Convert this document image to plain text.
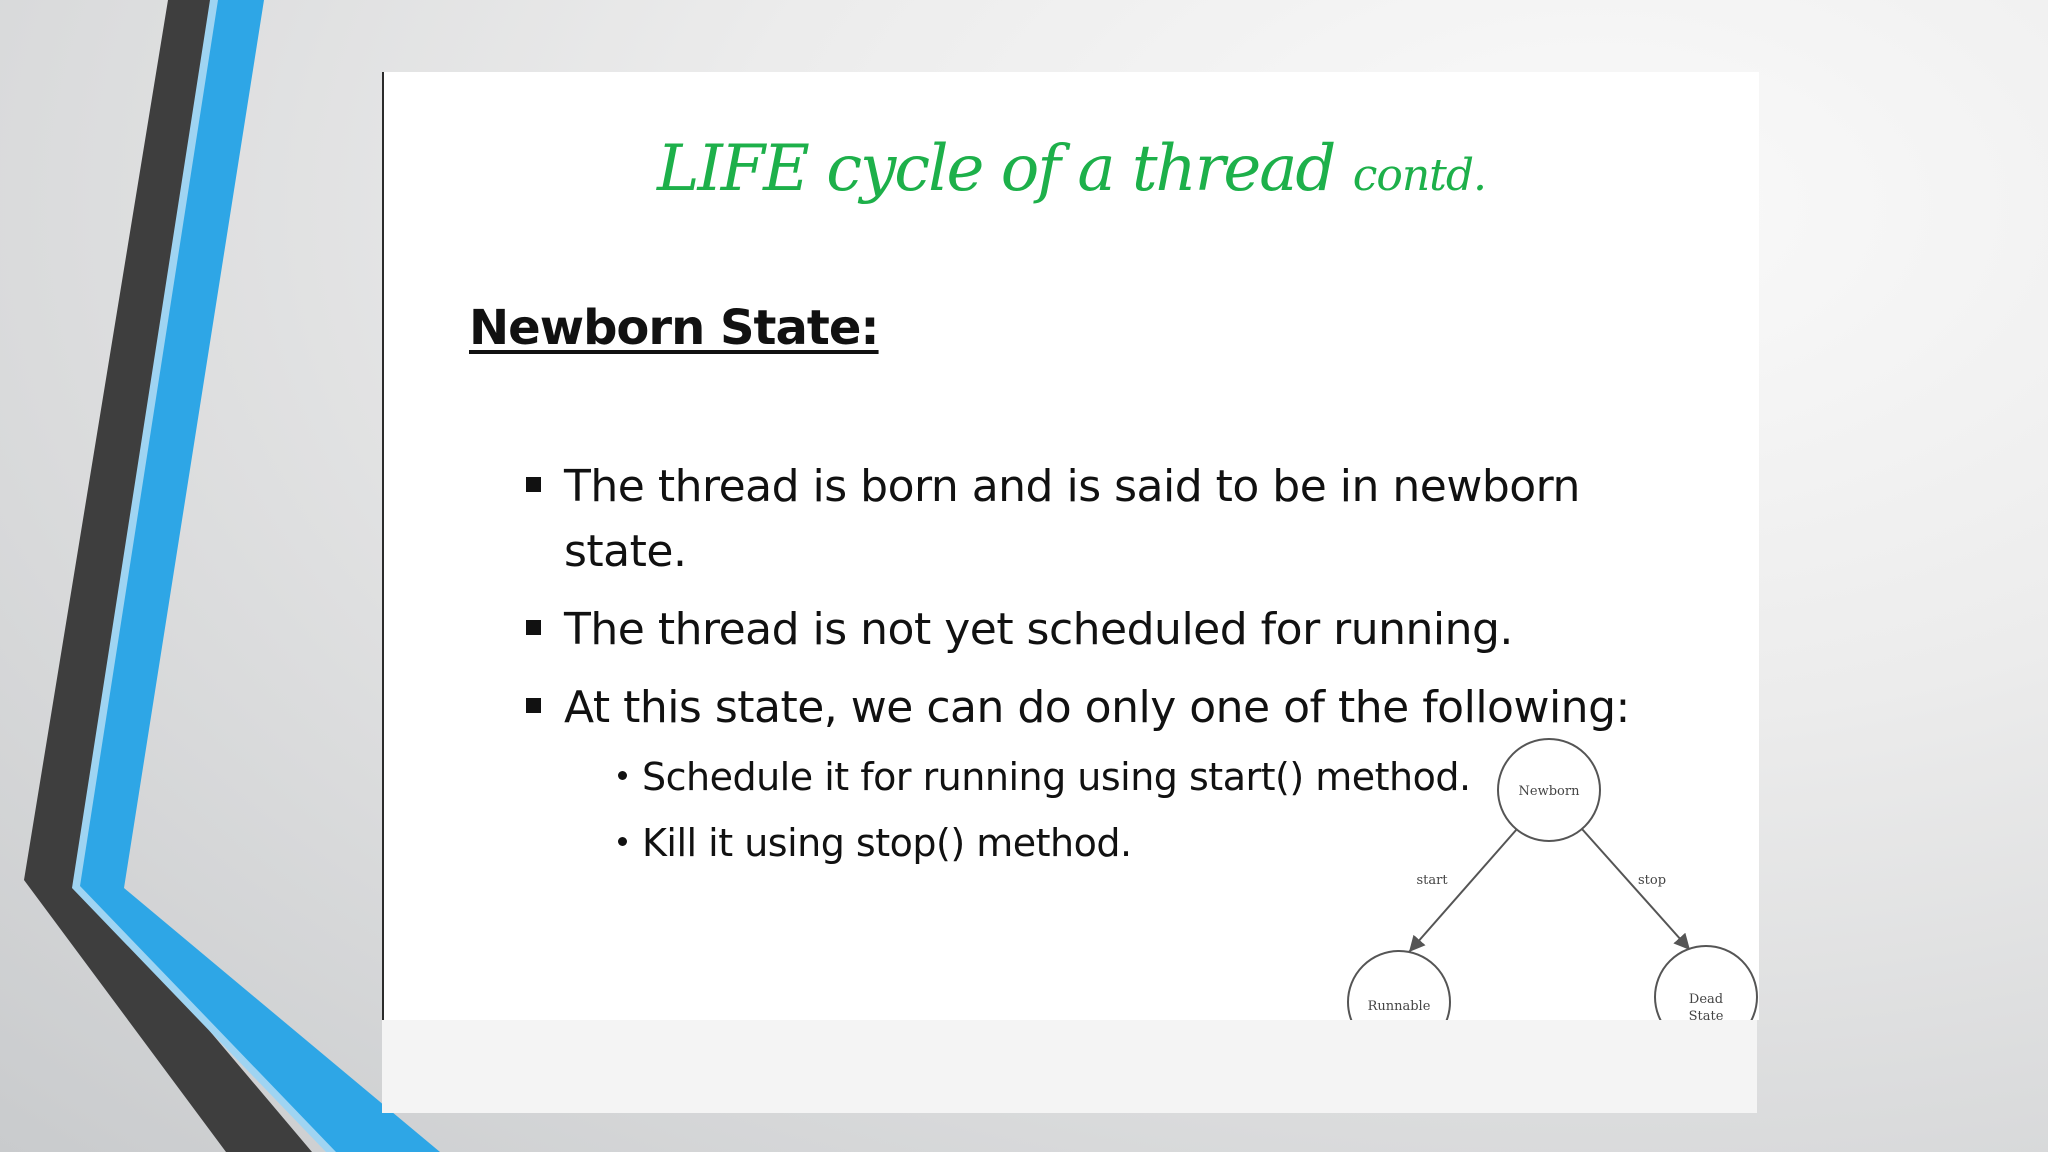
LIFE cycle of a thread contd.
Newborn State:
The thread is born and is said to be in newborn state.
The thread is not yet scheduled for running.
At this state, we can do only one of the following:
Schedule it for running using start() method.
Kill it using stop() method.
Newborn
start	stop
Runnable	Dead
State
